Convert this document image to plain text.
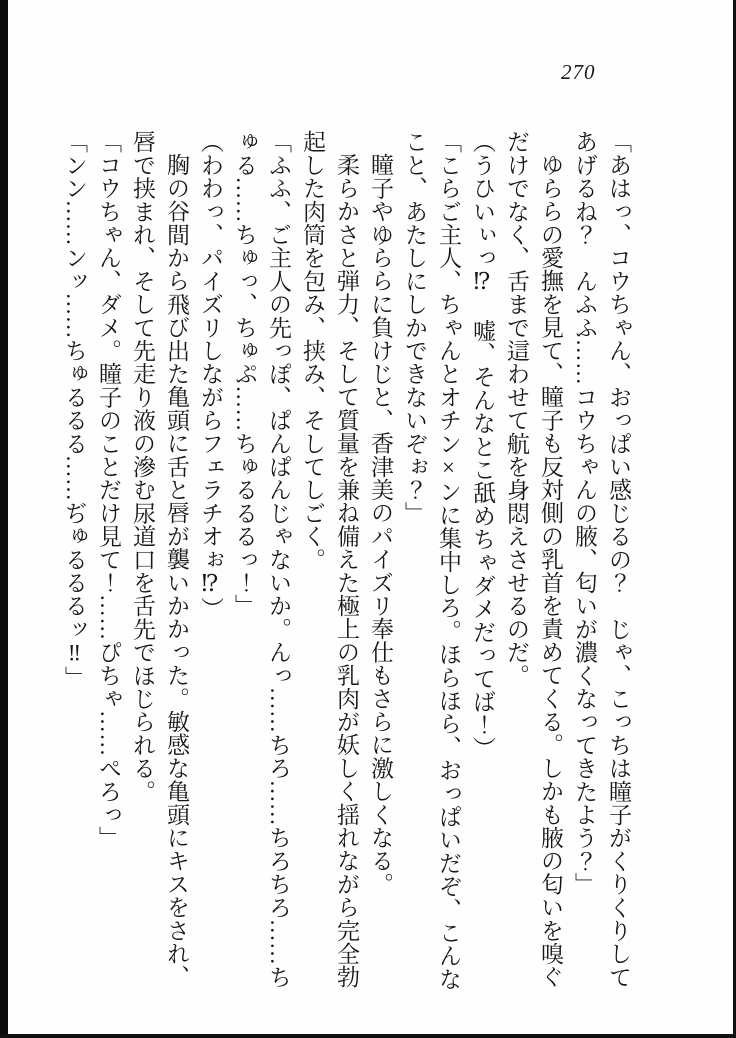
270

「あはっ、コウちゃん、おっぱい感じるの？　じゃ、こっちは瞳子がくりくりしてあげるね？　んふふ……コウちゃんの腋、匂いが濃くなってきたよう？」

ゆららの愛撫を見て、瞳子も反対側の乳首を責めてくる。しかも腋の匂いを嗅ぐだけでなく、舌まで這わせて航を身悶えさせるのだ。

（うひいぃっ⁉　嘘、そんなとこ舐めちゃダメだってば！）

「こらご主人、ちゃんとオチン×ンに集中しろ。ほらほら、おっぱいだぞ、こんなこと、あたしにしかできないぞぉ？」

瞳子やゆららに負けじと、香津美のパイズリ奉仕もさらに激しくなる。

柔らかさと弾力、そして質量を兼ね備えた極上の乳肉が妖しく揺れながら完全勃起した肉筒を包み、挟み、そしてしごく。

「ふふ、ご主人の先っぽ、ぱんぱんじゃないか。んっ……ちろ……ちろちろ……ちゅる……ちゅっ、ちゅぷ……ちゅるるるっ！」

（わわっ、パイズリしながらフェラチオぉ⁉）

胸の谷間から飛び出た亀頭に舌と唇が襲いかかった。敏感な亀頭にキスをされ、唇で挟まれ、そして先走り液の滲む尿道口を舌先でほじられる。

「コウちゃん、ダメ。瞳子のことだけ見て！……ぴちゃ……ぺろっ」

「ンン……ンッ……ちゅるるる……ぢゅるるるッ‼」
